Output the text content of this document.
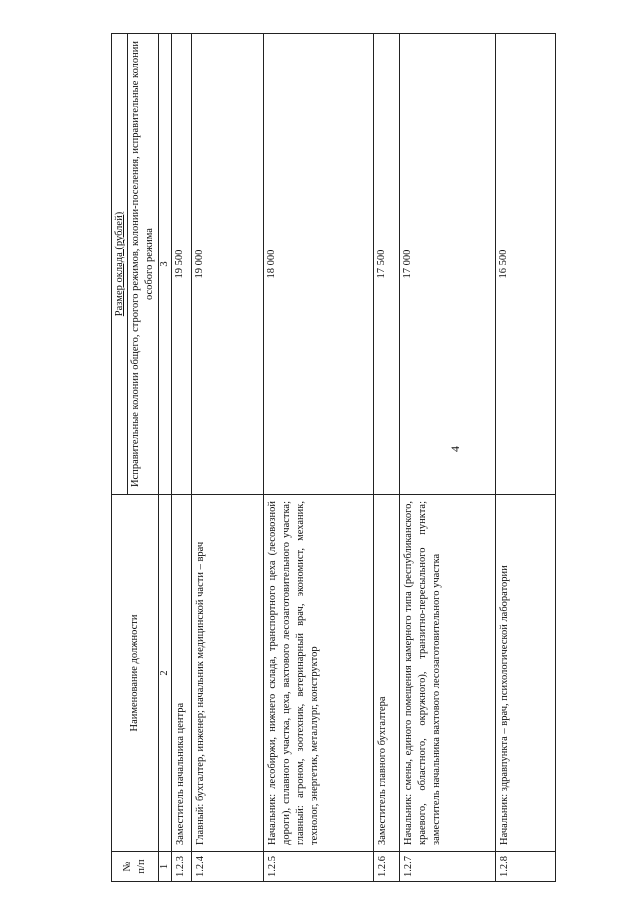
4
№ п/п	Наименование должности	Размер оклада (рублей)
		Исправительные колонии общего, строгого режимов, колонии-поселения, исправительные колонии особого режима
1	2	3
1.2.3	Заместитель начальника центра	19 500
1.2.4	Главный: бухгалтер, инженер; начальник медицинской части – врач	19 000
1.2.5	Начальник: лесобиржи, нижнего склада, транспортного цеха (лесовозной дороги), сплавного участка, цеха, вахтового лесозаготовительного участка; главный: агроном, зоотехник, ветеринарный врач, экономист, механик, технолог, энергетик, металлург, конструктор	18 000
1.2.6	Заместитель главного бухгалтера	17 500
1.2.7	Начальник: смены, единого помещения камерного типа (республиканского, краевого, областного, окружного), транзитно-пересыльного пункта; заместитель начальника вахтового лесозаготовительного участка	17 000
1.2.8	Начальник: здравпункта – врач, психологической лаборатории	16 500
